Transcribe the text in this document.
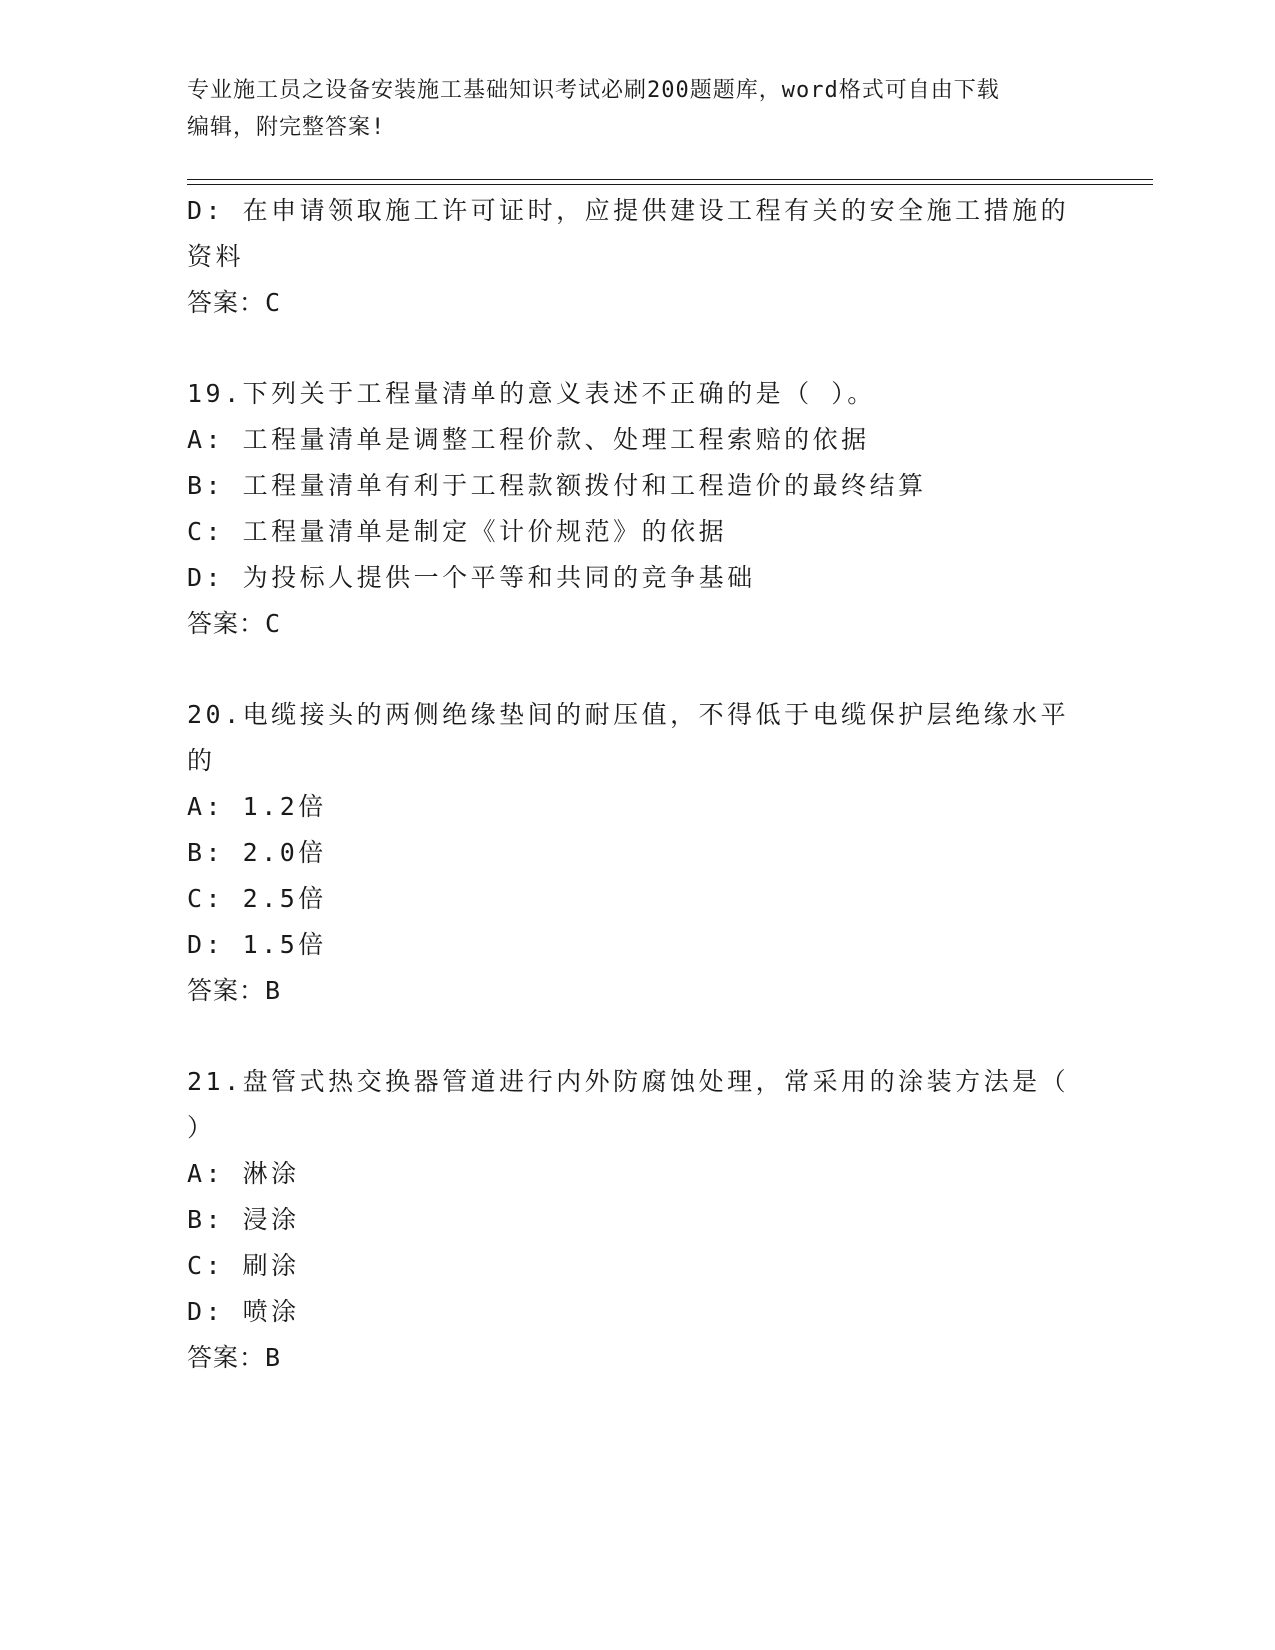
专业施工员之设备安装施工基础知识考试必刷200题题库，word格式可自由下载
编辑，附完整答案!
D: 在申请领取施工许可证时，应提供建设工程有关的安全施工措施的
资料
答案：C
19.下列关于工程量清单的意义表述不正确的是（ ）。
A: 工程量清单是调整工程价款、处理工程索赔的依据
B: 工程量清单有利于工程款额拨付和工程造价的最终结算
C: 工程量清单是制定《计价规范》的依据
D: 为投标人提供一个平等和共同的竞争基础
答案：C
20.电缆接头的两侧绝缘垫间的耐压值，不得低于电缆保护层绝缘水平
的
A: 1.2倍
B: 2.0倍
C: 2.5倍
D: 1.5倍
答案：B
21.盘管式热交换器管道进行内外防腐蚀处理，常采用的涂装方法是（
）
A: 淋涂
B: 浸涂
C: 刷涂
D: 喷涂
答案：B
